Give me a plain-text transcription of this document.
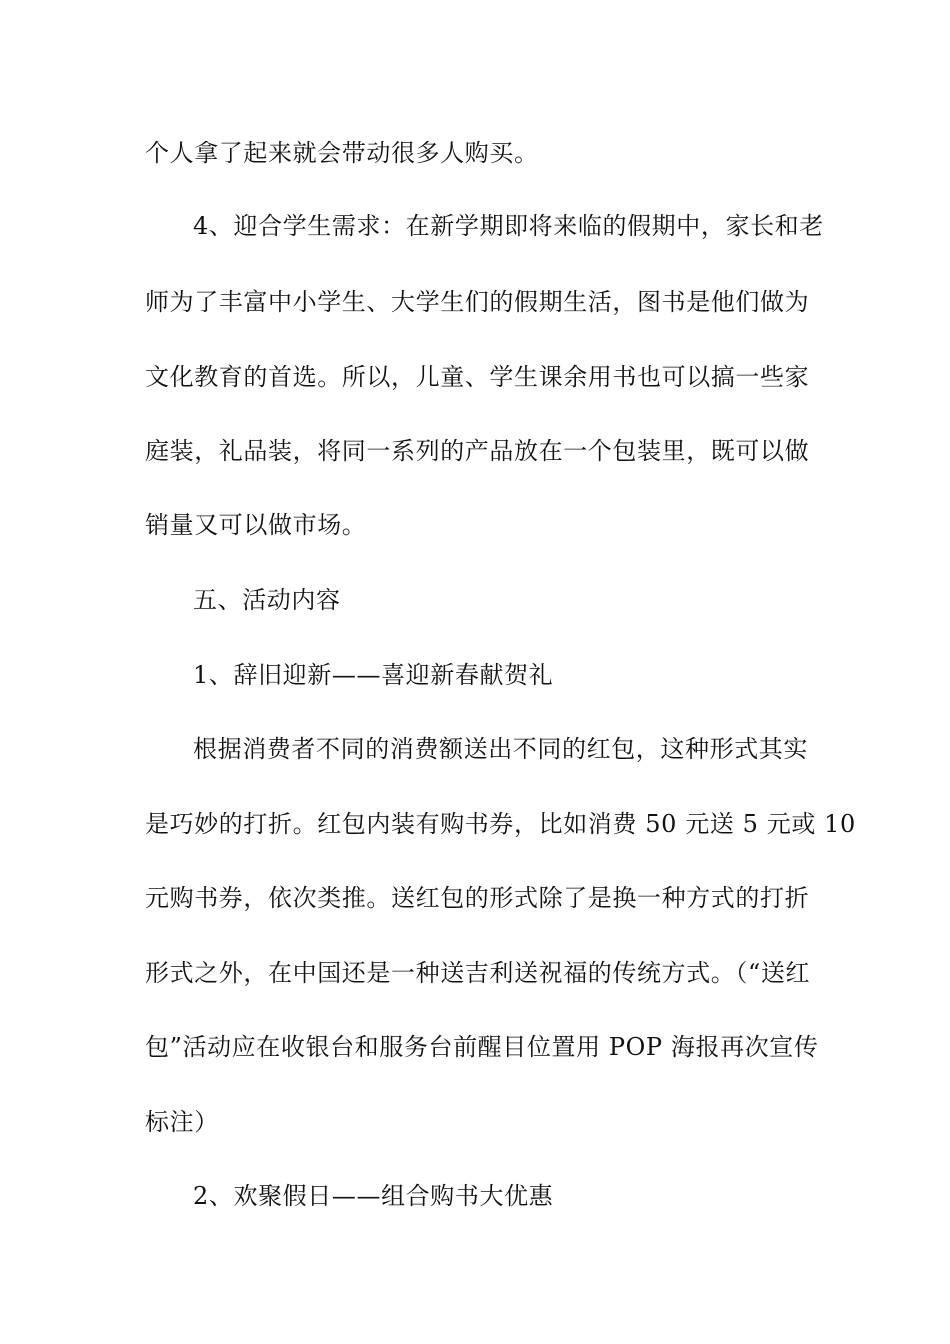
个人拿了起来就会带动很多人购买。
4、迎合学生需求：在新学期即将来临的假期中，家长和老
师为了丰富中小学生、大学生们的假期生活，图书是他们做为
文化教育的首选。所以，儿童、学生课余用书也可以搞一些家
庭装，礼品装，将同一系列的产品放在一个包装里，既可以做
销量又可以做市场。
五、活动内容
1、辞旧迎新——喜迎新春献贺礼
根据消费者不同的消费额送出不同的红包，这种形式其实
是巧妙的打折。红包内装有购书券，比如消费 50 元送 5 元或 10
元购书券，依次类推。送红包的形式除了是换一种方式的打折
形式之外，在中国还是一种送吉利送祝福的传统方式。（“送红
包”活动应在收银台和服务台前醒目位置用 POP 海报再次宣传
标注）
2、欢聚假日——组合购书大优惠
